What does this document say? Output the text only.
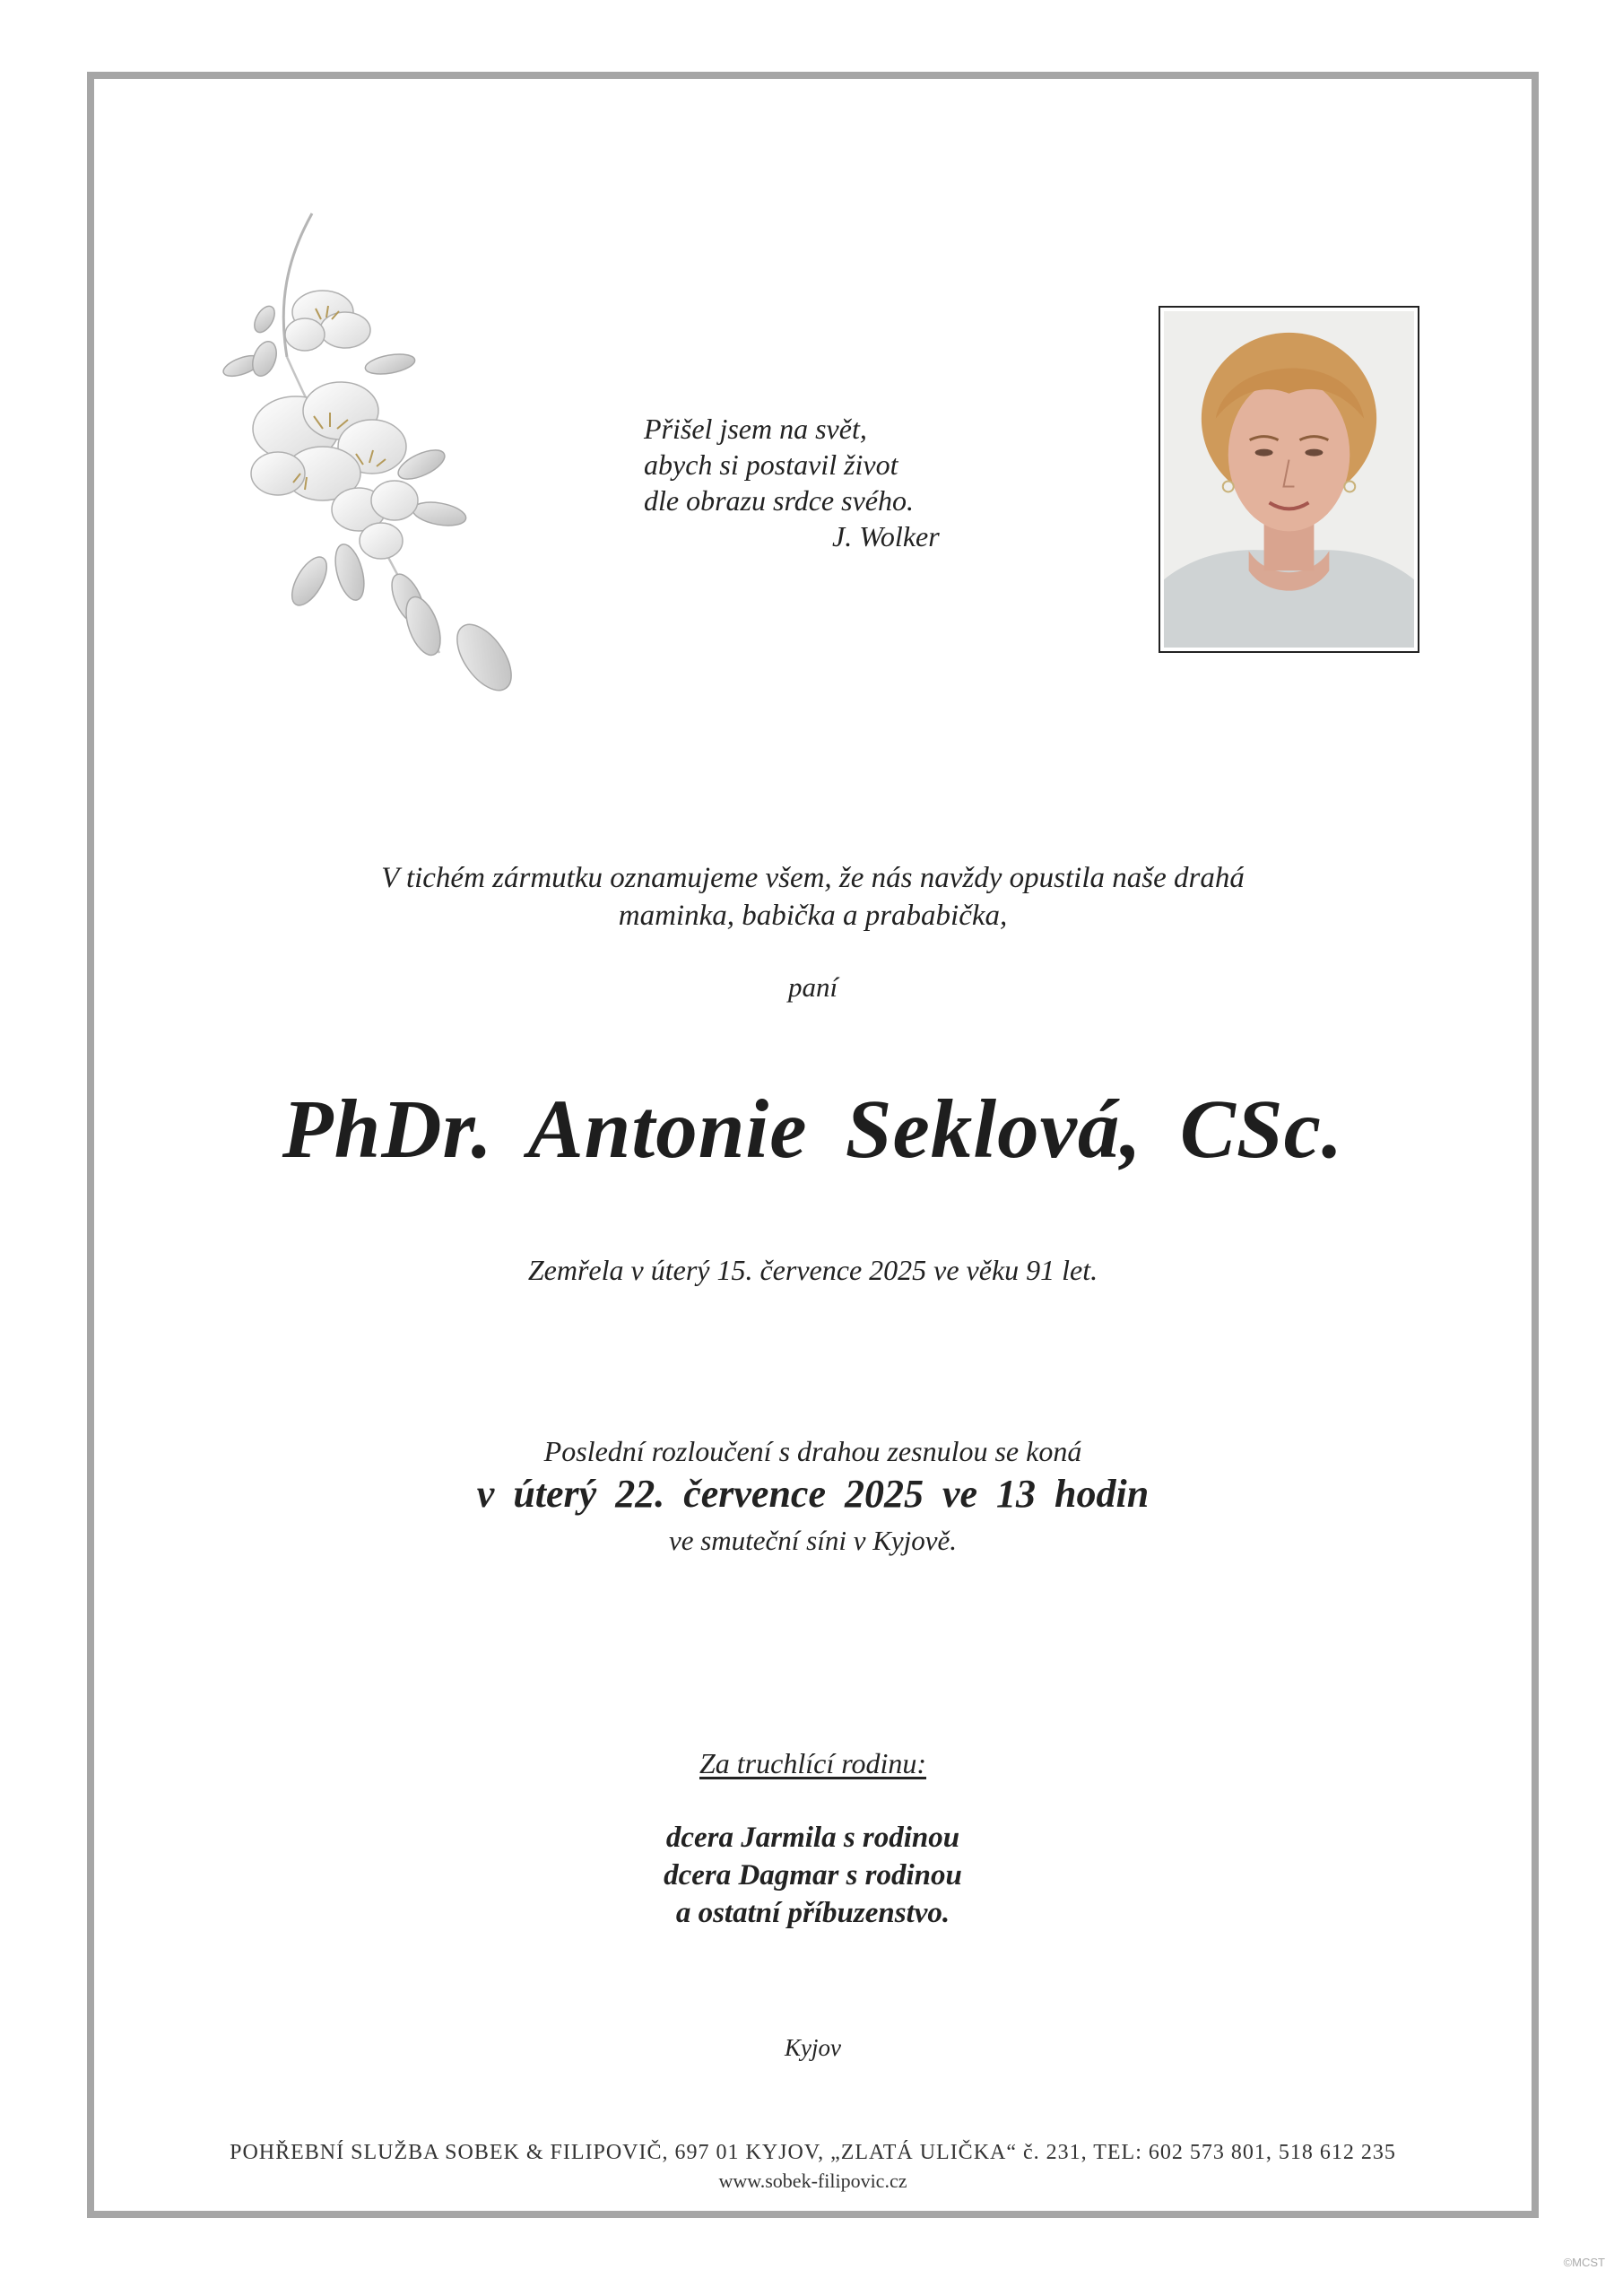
Přišel jsem na svět,
abych si postavil život
dle obrazu srdce svého.
J. Wolker
V tichém zármutku oznamujeme všem, že nás navždy opustila naše drahá
maminka, babička a prababička,
paní
PhDr. Antonie Seklová, CSc.
Zemřela v úterý 15. července 2025 ve věku 91 let.
Poslední rozloučení s drahou zesnulou se koná
v úterý 22. července 2025 ve 13 hodin
ve smuteční síni v Kyjově.
Za truchlící rodinu:
dcera Jarmila s rodinou
dcera Dagmar s rodinou
a ostatní příbuzenstvo.
Kyjov
POHŘEBNÍ SLUŽBA SOBEK & FILIPOVIČ, 697 01 KYJOV, „ZLATÁ ULIČKA“ č. 231, TEL: 602 573 801, 518 612 235
www.sobek-filipovic.cz
©MCST
